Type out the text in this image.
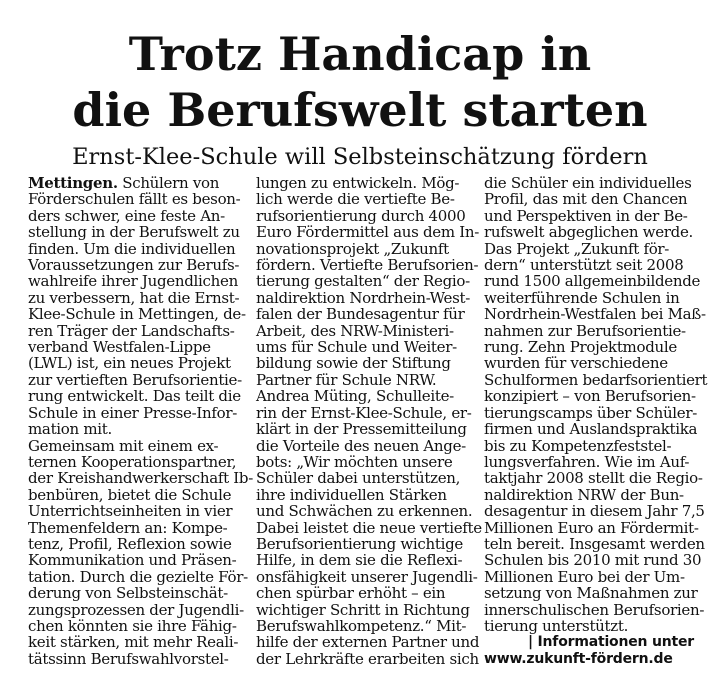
Trotz Handicap in
die Berufswelt starten
Ernst-Klee-Schule will Selbsteinschätzung fördern
Mettingen. Schülern von
Förderschulen fällt es beson-
ders schwer, eine feste An-
stellung in der Berufswelt zu
finden. Um die individuellen
Voraussetzungen zur Berufs-
wahlreife ihrer Jugendlichen
zu verbessern, hat die Ernst-
Klee-Schule in Mettingen, de-
ren Träger der Landschafts-
verband Westfalen-Lippe
(LWL) ist, ein neues Projekt
zur vertieften Berufsorientie-
rung entwickelt. Das teilt die
Schule in einer Presse-Infor-
mation mit.
Gemeinsam mit einem ex-
ternen Kooperationspartner,
der Kreishandwerkerschaft Ib-
benbüren, bietet die Schule
Unterrichtseinheiten in vier
Themenfeldern an: Kompe-
tenz, Profil, Reflexion sowie
Kommunikation und Präsen-
tation. Durch die gezielte För-
derung von Selbsteinschät-
zungsprozessen der Jugendli-
chen könnten sie ihre Fähig-
keit stärken, mit mehr Reali-
tätssinn Berufswahlvorstel-
lungen zu entwickeln. Mög-
lich werde die vertiefte Be-
rufsorientierung durch 4000
Euro Fördermittel aus dem In-
novationsprojekt „Zukunft
fördern. Vertiefte Berufsorien-
tierung gestalten“ der Regio-
naldirektion Nordrhein-West-
falen der Bundesagentur für
Arbeit, des NRW-Ministeri-
ums für Schule und Weiter-
bildung sowie der Stiftung
Partner für Schule NRW.
Andrea Müting, Schulleite-
rin der Ernst-Klee-Schule, er-
klärt in der Pressemitteilung
die Vorteile des neuen Ange-
bots: „Wir möchten unsere
Schüler dabei unterstützen,
ihre individuellen Stärken
und Schwächen zu erkennen.
Dabei leistet die neue vertiefte
Berufsorientierung wichtige
Hilfe, in dem sie die Reflexi-
onsfähigkeit unserer Jugendli-
chen spürbar erhöht – ein
wichtiger Schritt in Richtung
Berufswahlkompetenz.“ Mit-
hilfe der externen Partner und
der Lehrkräfte erarbeiten sich
die Schüler ein individuelles
Profil, das mit den Chancen
und Perspektiven in der Be-
rufswelt abgeglichen werde.
Das Projekt „Zukunft för-
dern“ unterstützt seit 2008
rund 1500 allgemeinbildende
weiterführende Schulen in
Nordrhein-Westfalen bei Maß-
nahmen zur Berufsorientie-
rung. Zehn Projektmodule
wurden für verschiedene
Schulformen bedarfsorientiert
konzipiert – von Berufsorien-
tierungscamps über Schüler-
firmen und Auslandspraktika
bis zu Kompetenzfeststel-
lungsverfahren. Wie im Auf-
taktjahr 2008 stellt die Regio-
naldirektion NRW der Bun-
desagentur in diesem Jahr 7,5
Millionen Euro an Fördermit-
teln bereit. Insgesamt werden
Schulen bis 2010 mit rund 30
Millionen Euro bei der Um-
setzung von Maßnahmen zur
innerschulischen Berufsorien-
tierung unterstützt.
| Informationen unter
www.zukunft-fördern.de
